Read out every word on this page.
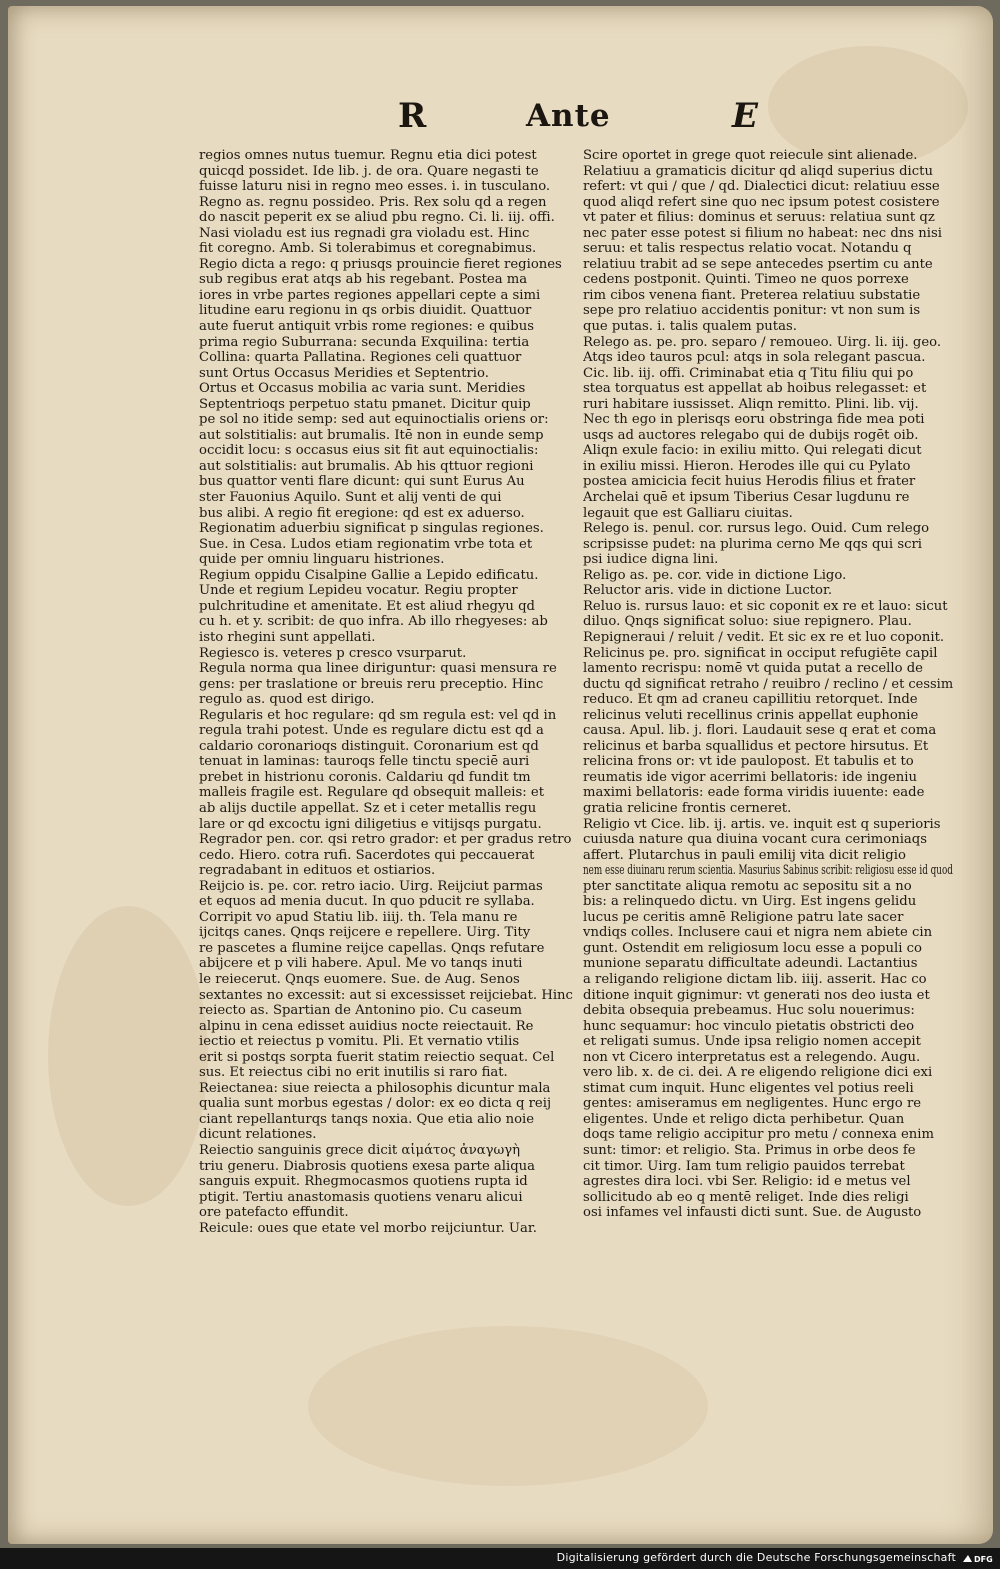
R	Ante	E
regios omnes nutus tuemur. Regnu etia dici potest
quicqd possidet. Ide lib. j. de ora. Quare negasti te
fuisse laturu nisi in regno meo esses. i. in tusculano.
Regno as. regnu possideo. Pris. Rex solu qd a regen
do nascit peperit ex se aliud pbu regno. Ci. li. iij. offi.
Nasi violadu est ius regnadi gra violadu est. Hinc
fit coregno. Amb. Si tolerabimus et coregnabimus.
Regio dicta a rego: q priusqs prouincie fieret regiones
sub regibus erat atqs ab his regebant. Postea ma
iores in vrbe partes regiones appellari cepte a simi
litudine earu regionu in qs orbis diuidit. Quattuor
aute fuerut antiquit vrbis rome regiones: e quibus
prima regio Suburrana: secunda Exquilina: tertia
Collina: quarta Pallatina. Regiones celi quattuor
sunt Ortus Occasus Meridies et Septentrio.
Ortus et Occasus mobilia ac varia sunt. Meridies
Septentrioqs perpetuo statu pmanet. Dicitur quip
pe sol no itide semp: sed aut equinoctialis oriens or:
aut solstitialis: aut brumalis. Itē non in eunde semp
occidit locu: s occasus eius sit fit aut equinoctialis:
aut solstitialis: aut brumalis. Ab his qttuor regioni
bus quattor venti flare dicunt: qui sunt Eurus Au
ster Fauonius Aquilo. Sunt et alij venti de qui
bus alibi. A regio fit eregione: qd est ex aduerso.
Regionatim aduerbiu significat p singulas regiones.
Sue. in Cesa. Ludos etiam regionatim vrbe tota et
quide per omniu linguaru histriones.
Regium oppidu Cisalpine Gallie a Lepido edificatu.
Unde et regium Lepideu vocatur. Regiu propter
pulchritudine et amenitate. Et est aliud rhegyu qd
cu h. et y. scribit: de quo infra. Ab illo rhegyeses: ab
isto rhegini sunt appellati.
Regiesco is. veteres p cresco vsurparut.
Regula norma qua linee diriguntur: quasi mensura re
gens: per traslatione or breuis reru preceptio. Hinc
regulo as. quod est dirigo.
Regularis et hoc regulare: qd sm regula est: vel qd in
regula trahi potest. Unde es regulare dictu est qd a
caldario coronarioqs distinguit. Coronarium est qd
tenuat in laminas: tauroqs felle tinctu speciē auri
prebet in histrionu coronis. Caldariu qd fundit tm
malleis fragile est. Regulare qd obsequit malleis: et
ab alijs ductile appellat. Sz et i ceter metallis regu
lare or qd excoctu igni diligetius e vitijsqs purgatu.
Regrador pen. cor. qsi retro grador: et per gradus retro
cedo. Hiero. cotra rufi. Sacerdotes qui peccauerat
regradabant in edituos et ostiarios.
Reijcio is. pe. cor. retro iacio. Uirg. Reijciut parmas
et equos ad menia ducut. In quo pducit re syllaba.
Corripit vo apud Statiu lib. iiij. th. Tela manu re
ijcitqs canes. Qnqs reijcere e repellere. Uirg. Tity
re pascetes a flumine reijce capellas. Qnqs refutare
abijcere et p vili habere. Apul. Me vo tanqs inuti
le reiecerut. Qnqs euomere. Sue. de Aug. Senos
sextantes no excessit: aut si excessisset reijciebat. Hinc
reiecto as. Spartian de Antonino pio. Cu caseum
alpinu in cena edisset auidius nocte reiectauit. Re
iectio et reiectus p vomitu. Pli. Et vernatio vtilis
erit si postqs sorpta fuerit statim reiectio sequat. Cel
sus. Et reiectus cibi no erit inutilis si raro fiat.
Reiectanea: siue reiecta a philosophis dicuntur mala
qualia sunt morbus egestas / dolor: ex eo dicta q reij
ciant repellanturqs tanqs noxia. Que etia alio noie
dicunt relationes.
Reiectio sanguinis grece dicit αἱμάτος ἀναγωγὴ
triu generu. Diabrosis quotiens exesa parte aliqua
sanguis expuit. Rhegmocasmos quotiens rupta id
ptigit. Tertiu anastomasis quotiens venaru alicui
ore patefacto effundit.
Reicule: oues que etate vel morbo reijciuntur. Uar.
Scire oportet in grege quot reiecule sint alienade.
Relatiuu a gramaticis dicitur qd aliqd superius dictu
refert: vt qui / que / qd. Dialectici dicut: relatiuu esse
quod aliqd refert sine quo nec ipsum potest cosistere
vt pater et filius: dominus et seruus: relatiua sunt qz
nec pater esse potest si filium no habeat: nec dns nisi
seruu: et talis respectus relatio vocat. Notandu q
relatiuu trabit ad se sepe antecedes psertim cu ante
cedens postponit. Quinti. Timeo ne quos porrexe
rim cibos venena fiant. Preterea relatiuu substatie
sepe pro relatiuo accidentis ponitur: vt non sum is
que putas. i. talis qualem putas.
Relego as. pe. pro. separo / remoueo. Uirg. li. iij. geo.
Atqs ideo tauros pcul: atqs in sola relegant pascua.
Cic. lib. iij. offi. Criminabat etia q Titu filiu qui po
stea torquatus est appellat ab hoibus relegasset: et
ruri habitare iussisset. Aliqn remitto. Plini. lib. vij.
Nec th ego in plerisqs eoru obstringa fide mea poti
usqs ad auctores relegabo qui de dubijs rogēt oib.
Aliqn exule facio: in exiliu mitto. Qui relegati dicut
in exiliu missi. Hieron. Herodes ille qui cu Pylato
postea amicicia fecit huius Herodis filius et frater
Archelai quē et ipsum Tiberius Cesar lugdunu re
legauit que est Galliaru ciuitas.
Relego is. penul. cor. rursus lego. Ouid. Cum relego
scripsisse pudet: na plurima cerno Me qqs qui scri
psi iudice digna lini.
Religo as. pe. cor. vide in dictione Ligo.
Reluctor aris. vide in dictione Luctor.
Reluo is. rursus lauo: et sic coponit ex re et lauo: sicut
diluo. Qnqs significat soluo: siue repignero. Plau.
Repigneraui / reluit / vedit. Et sic ex re et luo coponit.
Relicinus pe. pro. significat in occiput refugiēte capil
lamento recrispu: nomē vt quida putat a recello de
ductu qd significat retraho / reuibro / reclino / et cessim
reduco. Et qm ad craneu capillitiu retorquet. Inde
relicinus veluti recellinus crinis appellat euphonie
causa. Apul. lib. j. flori. Laudauit sese q erat et coma
relicinus et barba squallidus et pectore hirsutus. Et
relicina frons or: vt ide paulopost. Et tabulis et to
reumatis ide vigor acerrimi bellatoris: ide ingeniu
maximi bellatoris: eade forma viridis iuuente: eade
gratia relicine frontis cerneret.
Religio vt Cice. lib. ij. artis. ve. inquit est q superioris
cuiusda nature qua diuina vocant cura cerimoniaqs
affert. Plutarchus in pauli emilij vita dicit religio
nem esse diuinaru rerum scientia. Masurius Sabinus scribit: religiosu esse id quod
pter sanctitate aliqua remotu ac sepositu sit a no
bis: a relinquedo dictu. vn Uirg. Est ingens gelidu
lucus pe ceritis amnē Religione patru late sacer
vndiqs colles. Inclusere caui et nigra nem abiete cin
gunt. Ostendit em religiosum locu esse a populi co
munione separatu difficultate adeundi. Lactantius
a religando religione dictam lib. iiij. asserit. Hac co
ditione inquit gignimur: vt generati nos deo iusta et
debita obsequia prebeamus. Huc solu nouerimus:
hunc sequamur: hoc vinculo pietatis obstricti deo
et religati sumus. Unde ipsa religio nomen accepit
non vt Cicero interpretatus est a relegendo. Augu.
vero lib. x. de ci. dei. A re eligendo religione dici exi
stimat cum inquit. Hunc eligentes vel potius reeli
gentes: amiseramus em negligentes. Hunc ergo re
eligentes. Unde et religo dicta perhibetur. Quan
doqs tame religio accipitur pro metu / connexa enim
sunt: timor: et religio. Sta. Primus in orbe deos fe
cit timor. Uirg. Iam tum religio pauidos terrebat
agrestes dira loci. vbi Ser. Religio: id e metus vel
sollicitudo ab eo q mentē religet. Inde dies religi
osi infames vel infausti dicti sunt. Sue. de Augusto
Digitalisierung gefördert durch die Deutsche Forschungsgemeinschaft DFG
